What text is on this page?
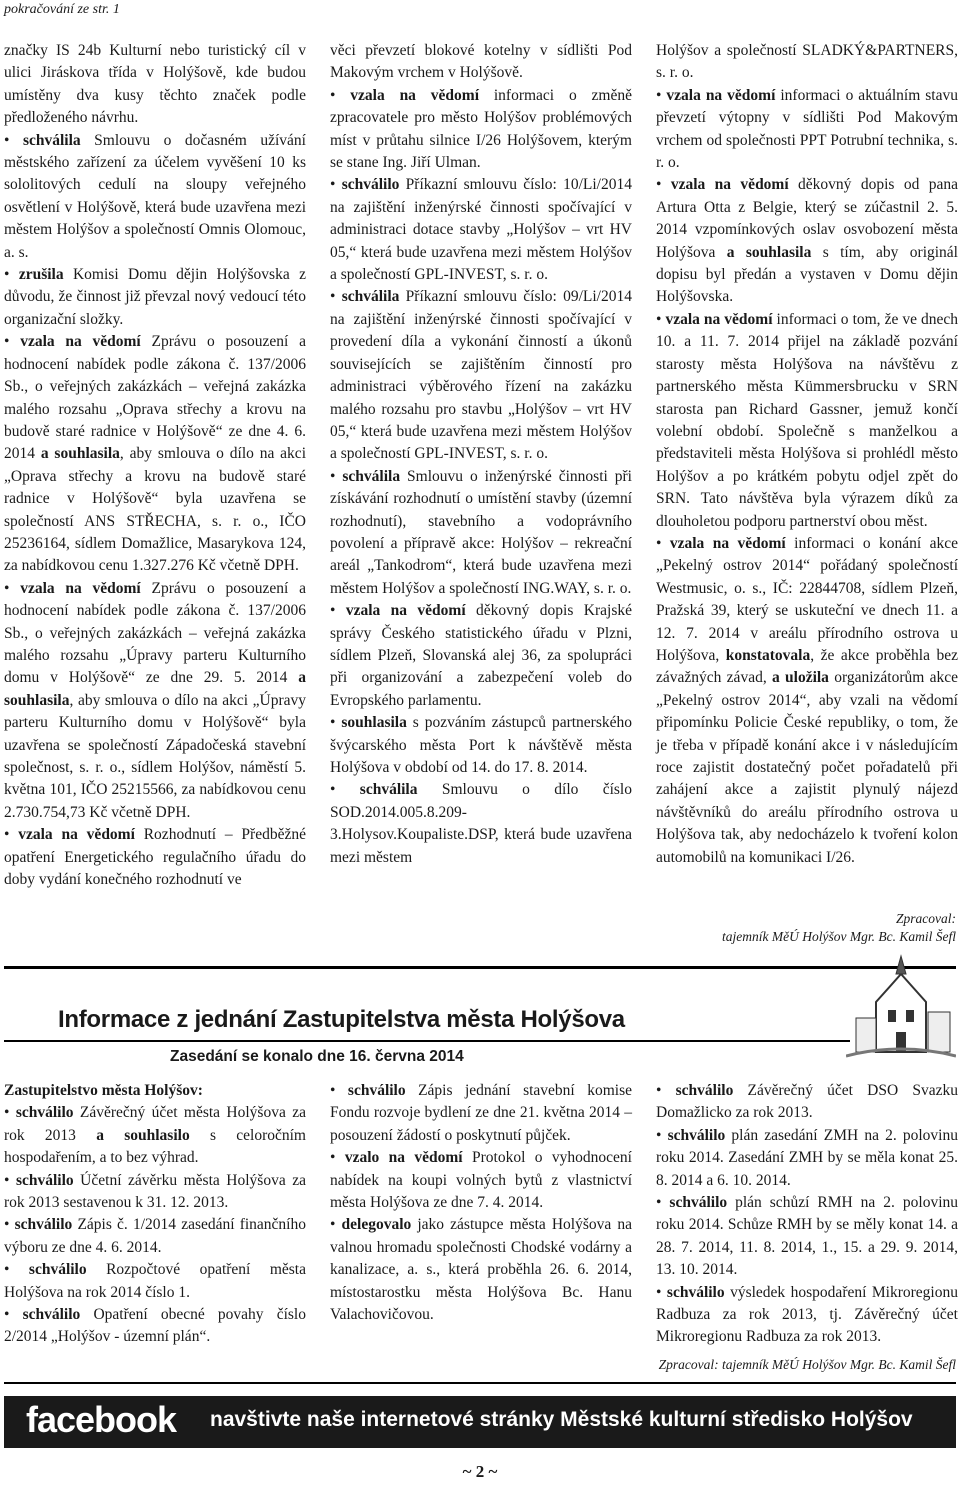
pokračování ze str. 1

značky IS 24b Kulturní nebo turistický cíl v ulici Jiráskova třída v Holýšově, kde budou umístěny dva kusy těchto značek podle předloženého návrhu.

• schválila Smlouvu o dočasném užívání městského zařízení za účelem vyvěšení 10 ks sololitových cedulí na sloupy veřejného osvětlení v Holýšově, která bude uzavřena mezi městem Holýšov a společností Omnis Olomouc, a. s.

• zrušila Komisi Domu dějin Holýšovska z důvodu, že činnost již převzal nový vedoucí této organizační složky.

• vzala na vědomí Zprávu o posouzení a hodnocení nabídek podle zákona č. 137/2006 Sb., o veřejných zakázkách – veřejná zakázka malého rozsahu „Oprava střechy a krovu na budově staré radnice v Holýšově“ ze dne 4. 6. 2014 a souhlasila, aby smlouva o dílo na akci „Oprava střechy a krovu na budově staré radnice v Holýšově“ byla uzavřena se společností ANS STŘECHA, s. r. o., IČO 25236164, sídlem Domažlice, Masarykova 124, za nabídkovou cenu 1.327.276 Kč včetně DPH.

• vzala na vědomí Zprávu o posouzení a hodnocení nabídek podle zákona č. 137/2006 Sb., o veřejných zakázkách – veřejná zakázka malého rozsahu „Úpravy parteru Kulturního domu v Holýšově“ ze dne 29. 5. 2014 a souhlasila, aby smlouva o dílo na akci „Úpravy parteru Kulturního domu v Holýšově“ byla uzavřena se společností Západočeská stavební společnost, s. r. o., sídlem Holýšov, náměstí 5. května 101, IČO 25215566, za nabídkovou cenu 2.730.754,73 Kč včetně DPH.

• vzala na vědomí Rozhodnutí – Předběžné opatření Energetického regulačního úřadu do doby vydání konečného rozhodnutí ve

věci převzetí blokové kotelny v sídlišti Pod Makovým vrchem v Holýšově.

• vzala na vědomí informaci o změně zpracovatele pro město Holýšov problémových míst v průtahu silnice I/26 Holýšovem, kterým se stane Ing. Jiří Ulman.

• schválilo Příkazní smlouvu číslo: 10/Li/2014 na zajištění inženýrské činnosti spočívající v administraci dotace stavby „Holýšov – vrt HV 05,“ která bude uzavřena mezi městem Holýšov a společností GPL-INVEST, s. r. o.

• schválila Příkazní smlouvu číslo: 09/Li/2014 na zajištění inženýrské činnosti spočívající v provedení díla a vykonání činností a úkonů souvisejících se zajištěním činností pro administraci výběrového řízení na zakázku malého rozsahu pro stavbu „Holýšov – vrt HV 05,“ která bude uzavřena mezi městem Holýšov a společností GPL-INVEST, s. r. o.

• schválila Smlouvu o inženýrské činnosti při získávání rozhodnutí o umístění stavby (územní rozhodnutí), stavebního a vodoprávního povolení a přípravě akce: Holýšov – rekreační areál „Tankodrom“, která bude uzavřena mezi městem Holýšov a společností ING.WAY, s. r. o.

• vzala na vědomí děkovný dopis Krajské správy Českého statistického úřadu v Plzni, sídlem Plzeň, Slovanská alej 36, za spolupráci při organizování a zabezpečení voleb do Evropského parlamentu.

• souhlasila s pozváním zástupců partnerského švýcarského města Port k návštěvě města Holýšova v období od 14. do 17. 8. 2014.

• schválila Smlouvu o dílo číslo SOD.2014.005.8.209-3.Holysov.Koupaliste.DSP, která bude uzavřena mezi městem

Holýšov a společností SLADKÝ&PARTNERS, s. r. o.

• vzala na vědomí informaci o aktuálním stavu převzetí výtopny v sídlišti Pod Makovým vrchem od společnosti PPT Potrubní technika, s. r. o.

• vzala na vědomí děkovný dopis od pana Artura Otta z Belgie, který se zúčastnil 2. 5. 2014 vzpomínkových oslav osvobození města Holýšova a souhlasila s tím, aby originál dopisu byl předán a vystaven v Domu dějin Holýšovska.

• vzala na vědomí informaci o tom, že ve dnech 10. a 11. 7. 2014 přijel na základě pozvání starosty města Holýšova na návštěvu z partnerského města Kümmersbrucku v SRN starosta pan Richard Gassner, jemuž končí volební období. Společně s manželkou a představiteli města Holýšova si prohlédl město Holýšov a po krátkém pobytu odjel zpět do SRN. Tato návštěva byla výrazem díků za dlouholetou podporu partnerství obou měst.

• vzala na vědomí informaci o konání akce „Pekelný ostrov 2014“ pořádaný společností Westmusic, o. s., IČ: 22844708, sídlem Plzeň, Pražská 39, který se uskuteční ve dnech 11. a 12. 7. 2014 v areálu přírodního ostrova u Holýšova, konstatovala, že akce proběhla bez závažných závad, a uložila organizátorům akce „Pekelný ostrov 2014“, aby vzali na vědomí připomínku Policie České republiky, o tom, že je třeba v případě konání akce i v následujícím roce zajistit dostatečný počet pořadatelů při zahájení akce a zajistit plynulý nájezd návštěvníků do areálu přírodního ostrova u Holýšova tak, aby nedocházelo k tvoření kolon automobilů na komunikaci I/26.

Zpracoval:
tajemník MěÚ Holýšov Mgr. Bc. Kamil Šefl
Informace z jednání Zastupitelstva města Holýšova
Zasedání se konalo dne 16. června 2014

Zastupitelstvo města Holýšov:

• schválilo Závěrečný účet města Holýšova za rok 2013 a souhlasilo s celoročním hospodařením, a to bez výhrad.

• schválilo Účetní závěrku města Holýšova za rok 2013 sestavenou k 31. 12. 2013.

• schválilo Zápis č. 1/2014 zasedání finančního výboru ze dne 4. 6. 2014.

• schválilo Rozpočtové opatření města Holýšova na rok 2014 číslo 1.

• schválilo Opatření obecné povahy číslo 2/2014 „Holýšov - územní plán“.

• schválilo Zápis jednání stavební komise Fondu rozvoje bydlení ze dne 21. května 2014 – posouzení žádostí o poskytnutí půjček.

• vzalo na vědomí Protokol o vyhodnocení nabídek na koupi volných bytů z vlastnictví města Holýšova ze dne 7. 4. 2014.

• delegovalo jako zástupce města Holýšova na valnou hromadu společnosti Chodské vodárny a kanalizace, a. s., která proběhla 26. 6. 2014, místostarostku města Holýšova Bc. Hanu Valachovičovou.

• schválilo Závěrečný účet DSO Svazku Domažlicko za rok 2013.

• schválilo plán zasedání ZMH na 2. polovinu roku 2014. Zasedání ZMH by se měla konat 25. 8. 2014 a 6. 10. 2014.

• schválilo plán schůzí RMH na 2. polovinu roku 2014. Schůze RMH by se měly konat 14. a 28. 7. 2014, 11. 8. 2014, 1., 15. a 29. 9. 2014, 13. 10. 2014.

• schválilo výsledek hospodaření Mikroregionu Radbuza za rok 2013, tj. Závěrečný účet Mikroregionu Radbuza za rok 2013.

Zpracoval: tajemník MěÚ Holýšov Mgr. Bc. Kamil Šefl
facebook navštivte naše internetové stránky Městské kulturní středisko Holýšov
~ 2 ~
